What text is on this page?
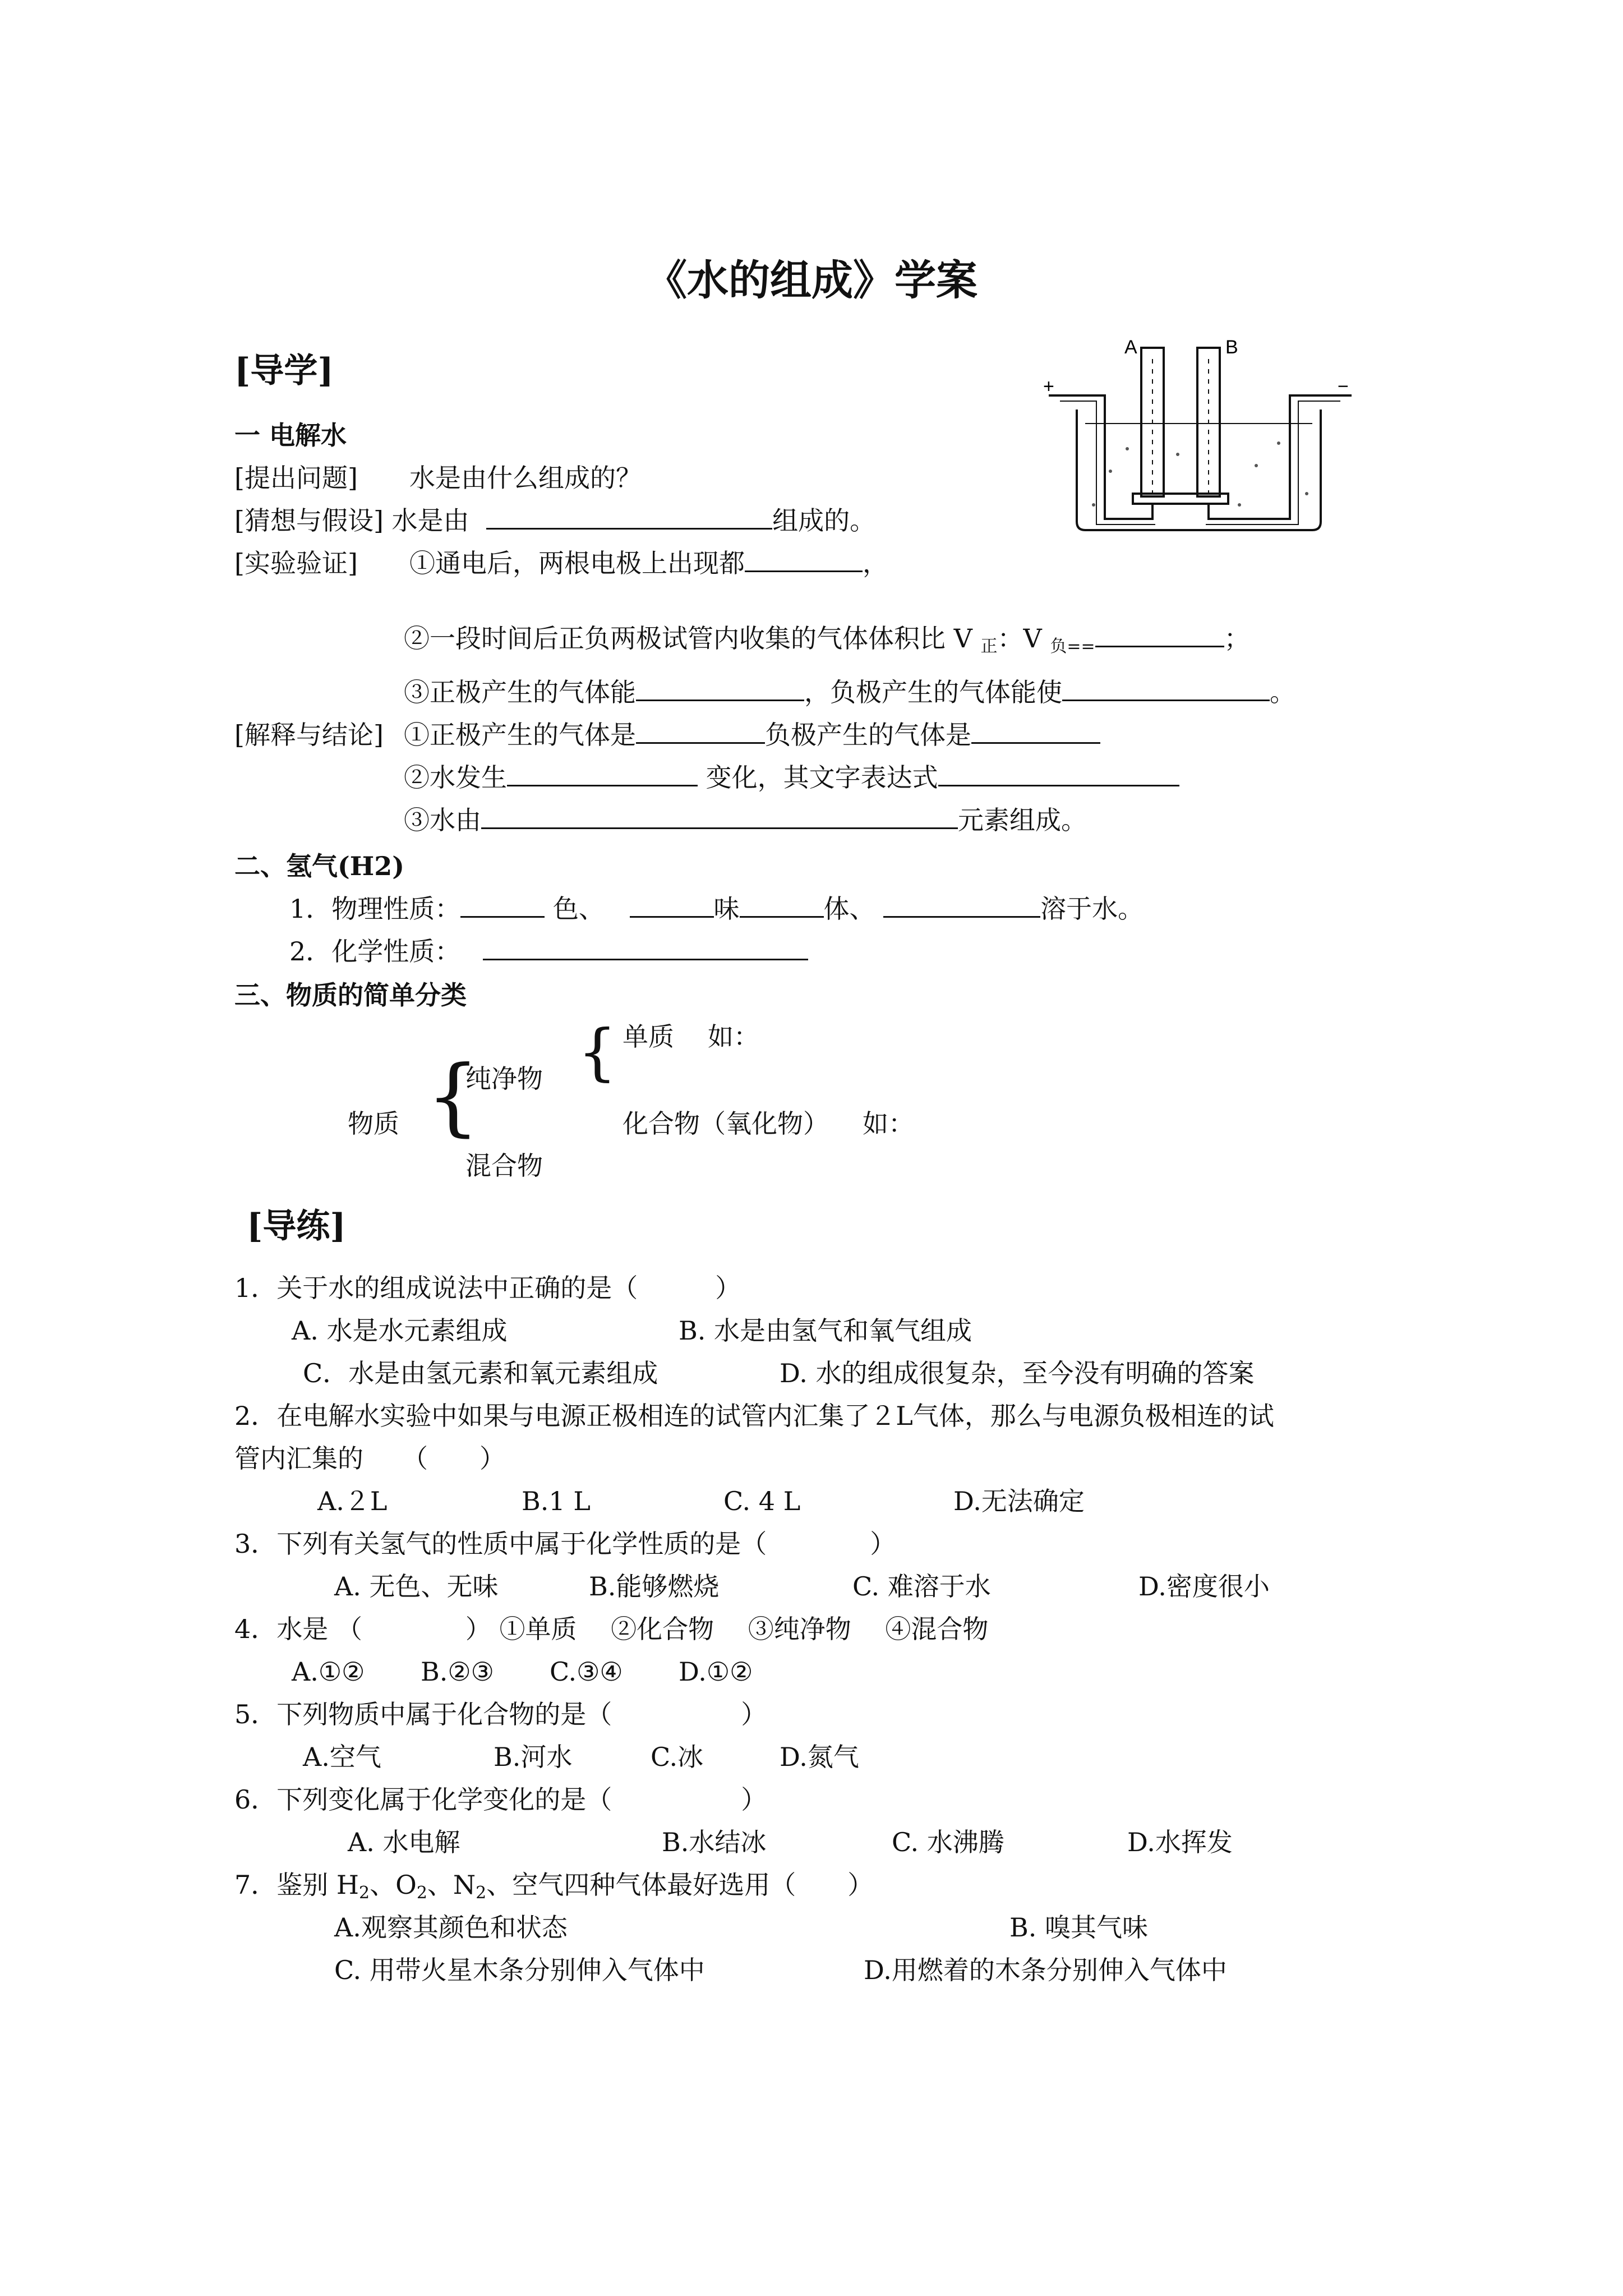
《水的组成》学案
[导学]
一 电解水
[提出问题] 水是由什么组成的？
[猜想与假设] 水是由	组成的。
[实验验证] ①通电后，两根电极上出现都	，
②一段时间后正负两极试管内收集的气体体积比 V $_正$：V $_{负==}$	；
③正极产生的气体能	，负极产生的气体能使	。
[解释与结论] ①正极产生的气体是	负极产生的气体是
②水发生	变化，其文字表达式
③水由	元素组成。
二、氢气(H2)
1．物理性质：	色、	味	体、	溶于水。
2．化学性质：
三、物质的简单分类
物质 {
纯净物
混合物
{ 单质 如：
化合物（氧化物） 如：
A	B
+	−
[导练]
1．关于水的组成说法中正确的是（　　　）
A. 水是水元素组成	B. 水是由氢气和氧气组成
C．水是由氢元素和氧元素组成	D. 水的组成很复杂，至今没有明确的答案
2．在电解水实验中如果与电源正极相连的试管内汇集了２L气体，那么与电源负极相连的试
管内汇集的　　（　　）
A.２L	B.1 L	C. 4 L	D.无法确定
3．下列有关氢气的性质中属于化学性质的是（　　　　）
A. 无色、无味	B.能够燃烧	C. 难溶于水	D.密度很小
4．水是 （　　　　） ①单质　 ②化合物　 ③纯净物　 ④混合物
A.①② B.②③ C.③④ D.①②
5．下列物质中属于化合物的是（　　　　　）
A.空气	B.河水	C.冰	D.氮气
6．下列变化属于化学变化的是（　　　　　）
A. 水电解	B.水结冰	C. 水沸腾	D.水挥发
7．鉴别 $H_2$、$O_2$、$N_2$、空气四种气体最好选用（　　）
A.观察其颜色和状态	B. 嗅其气味
C. 用带火星木条分别伸入气体中	D.用燃着的木条分别伸入气体中
